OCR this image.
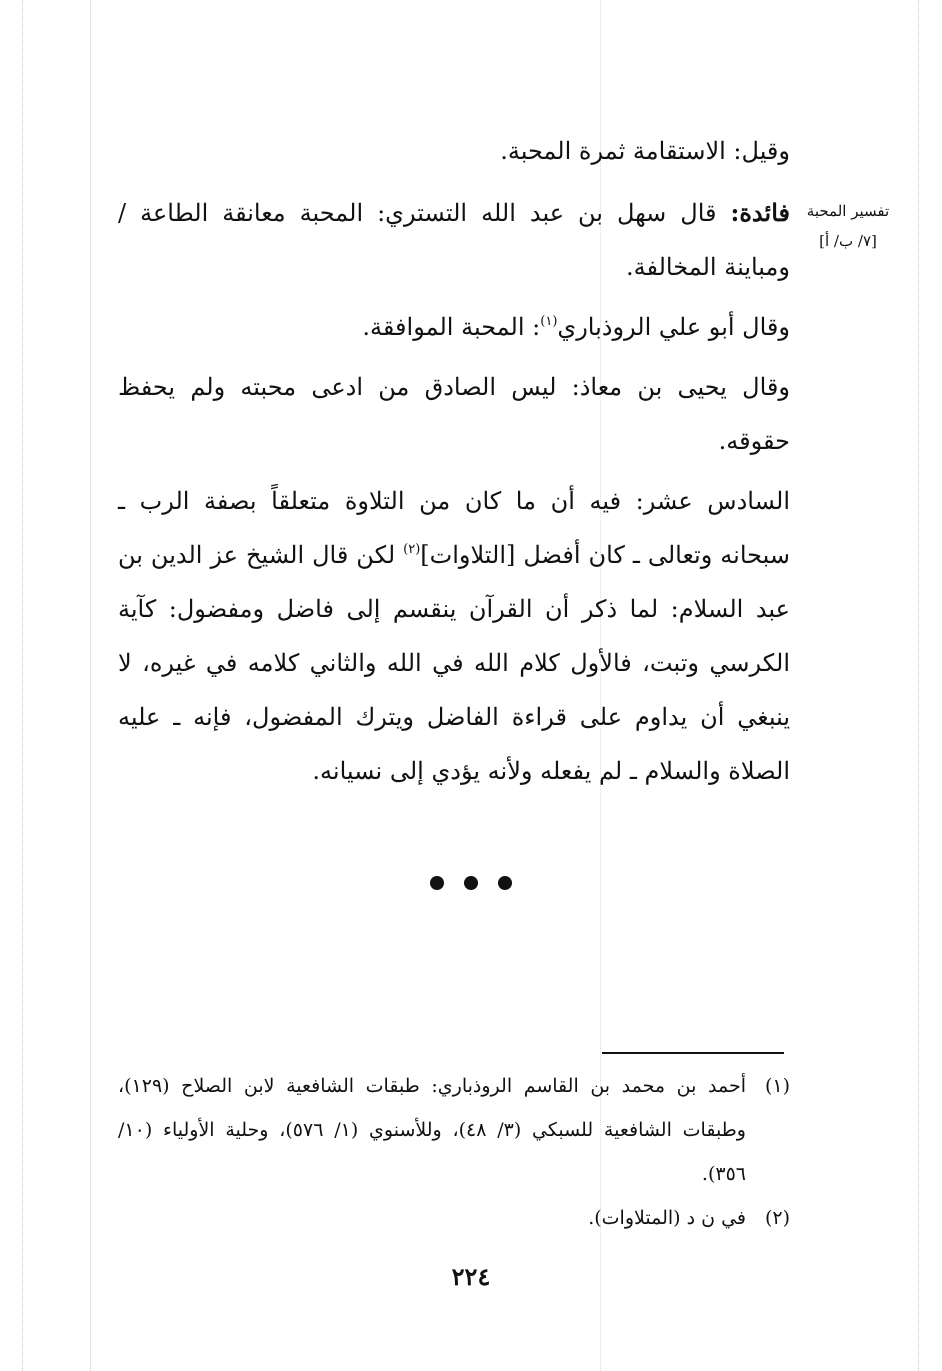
تفسير المحبة
[٧/ ب/ أ]

وقيل: الاستقامة ثمرة المحبة.

فائدة: قال سهل بن عبد الله التستري: المحبة معانقة الطاعة / ومباينة المخالفة.

وقال أبو علي الروذباري$^{(١)}$: المحبة الموافقة.

وقال يحيى بن معاذ: ليس الصادق من ادعى محبته ولم يحفظ حقوقه.

السادس عشر: فيه أن ما كان من التلاوة متعلقاً بصفة الرب ـ سبحانه وتعالى ـ كان أفضل [التلاوات]$^{(٢)}$ لكن قال الشيخ عز الدين بن عبد السلام: لما ذكر أن القرآن ينقسم إلى فاضل ومفضول: كآية الكرسي وتبت، فالأول كلام الله في الله والثاني كلامه في غيره، لا ينبغي أن يداوم على قراءة الفاضل ويترك المفضول، فإنه ـ عليه الصلاة والسلام ـ لم يفعله ولأنه يؤدي إلى نسيانه.

(١)أحمد بن محمد بن القاسم الروذباري: طبقات الشافعية لابن الصلاح (١٢٩)، وطبقات الشافعية للسبكي (٣/ ٤٨)، وللأسنوي (١/ ٥٧٦)، وحلية الأولياء (١٠/ ٣٥٦).

(٢)في ن د (المتلاوات).

٢٢٤
